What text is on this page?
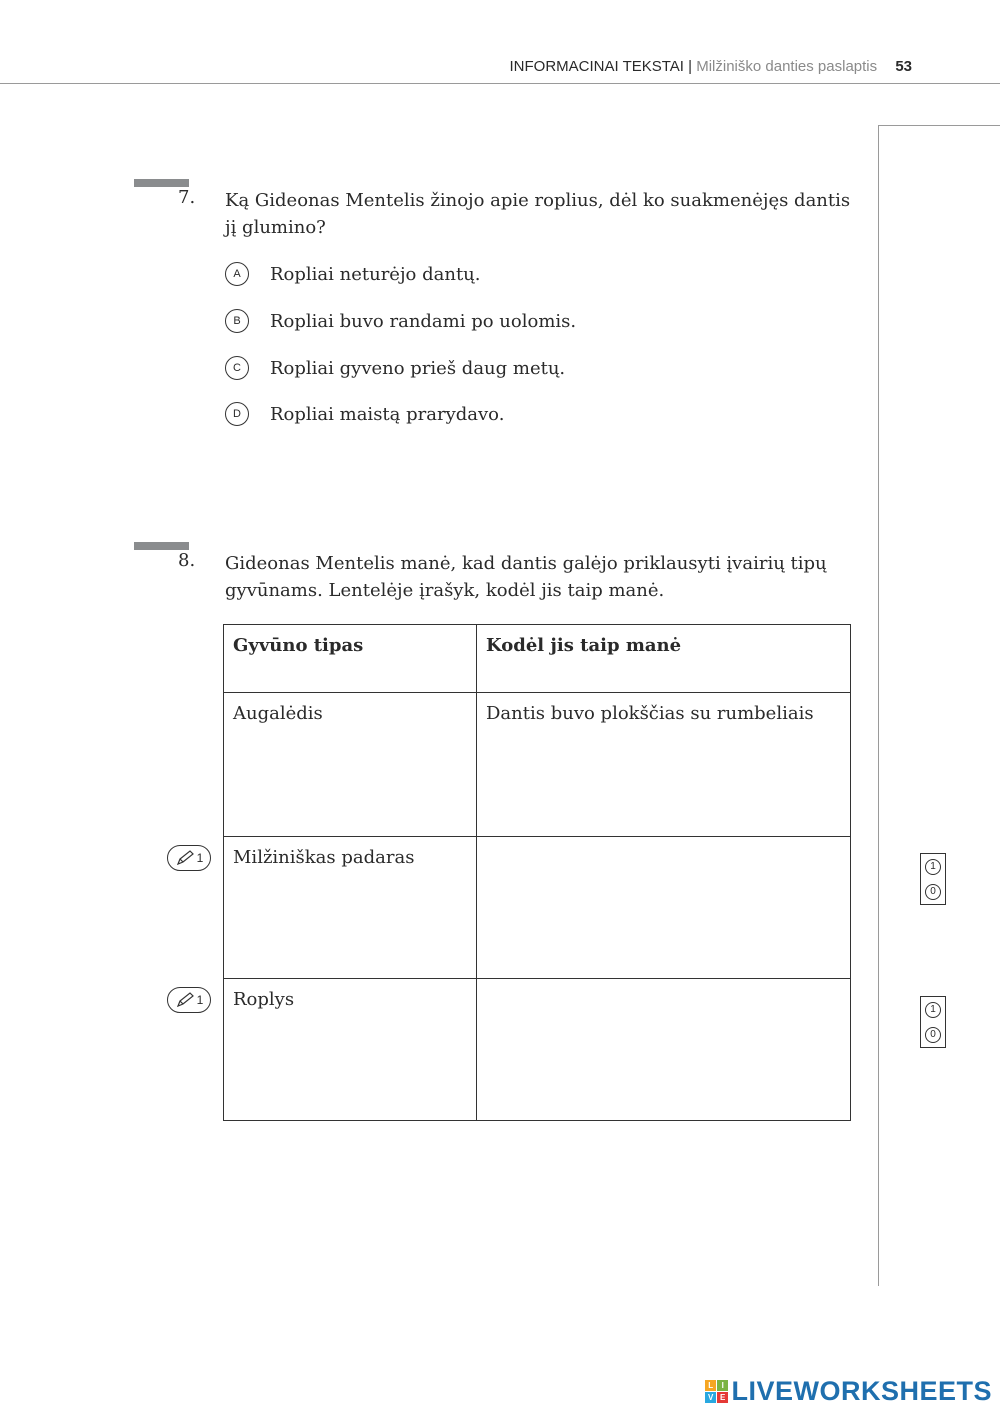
INFORMACINAI TEKSTAI | Milžiniško danties paslaptis 53
7. Ką Gideonas Mentelis žinojo apie roplius, dėl ko suakmenėjęs dantis jį glumino?
A	Ropliai neturėjo dantų.
B	Ropliai buvo randami po uolomis.
C	Ropliai gyveno prieš daug metų.
D	Ropliai maistą prarydavo.
8. Gideonas Mentelis manė, kad dantis galėjo priklausyti įvairių tipų gyvūnams. Lentelėje įrašyk, kodėl jis taip manė.
Gyvūno tipas	Kodėl jis taip manė
Augalėdis	Dantis buvo plokščias su rumbeliais
Milžiniškas padaras	
Roplys	
1
1
1
0
1
0
L I
V E LIVEWORKSHEETS
